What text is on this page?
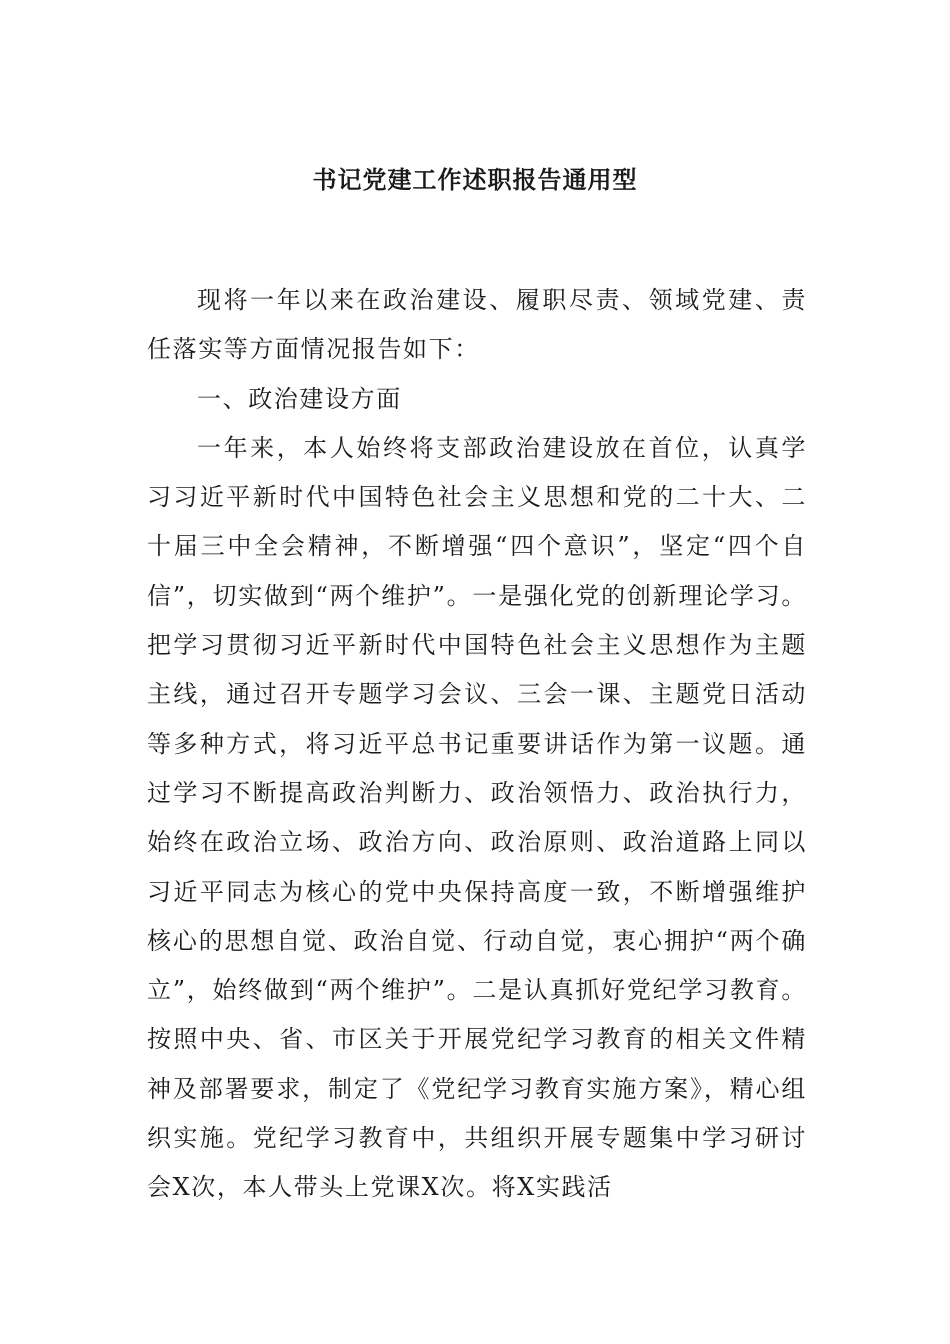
书记党建工作述职报告通用型

现将一年以来在政治建设、履职尽责、领域党建、责任落实等方面情况报告如下：

一、政治建设方面

一年来，本人始终将支部政治建设放在首位，认真学习习近平新时代中国特色社会主义思想和党的二十大、二十届三中全会精神，不断增强“四个意识”，坚定“四个自信”，切实做到“两个维护”。一是强化党的创新理论学习。把学习贯彻习近平新时代中国特色社会主义思想作为主题主线，通过召开专题学习会议、三会一课、主题党日活动等多种方式，将习近平总书记重要讲话作为第一议题。通过学习不断提高政治判断力、政治领悟力、政治执行力，始终在政治立场、政治方向、政治原则、政治道路上同以习近平同志为核心的党中央保持高度一致，不断增强维护核心的思想自觉、政治自觉、行动自觉，衷心拥护“两个确立”，始终做到“两个维护”。二是认真抓好党纪学习教育。按照中央、省、市区关于开展党纪学习教育的相关文件精神及部署要求，制定了《党纪学习教育实施方案》，精心组织实施。党纪学习教育中，共组织开展专题集中学习研讨会X次，本人带头上党课X次。将X实践活
